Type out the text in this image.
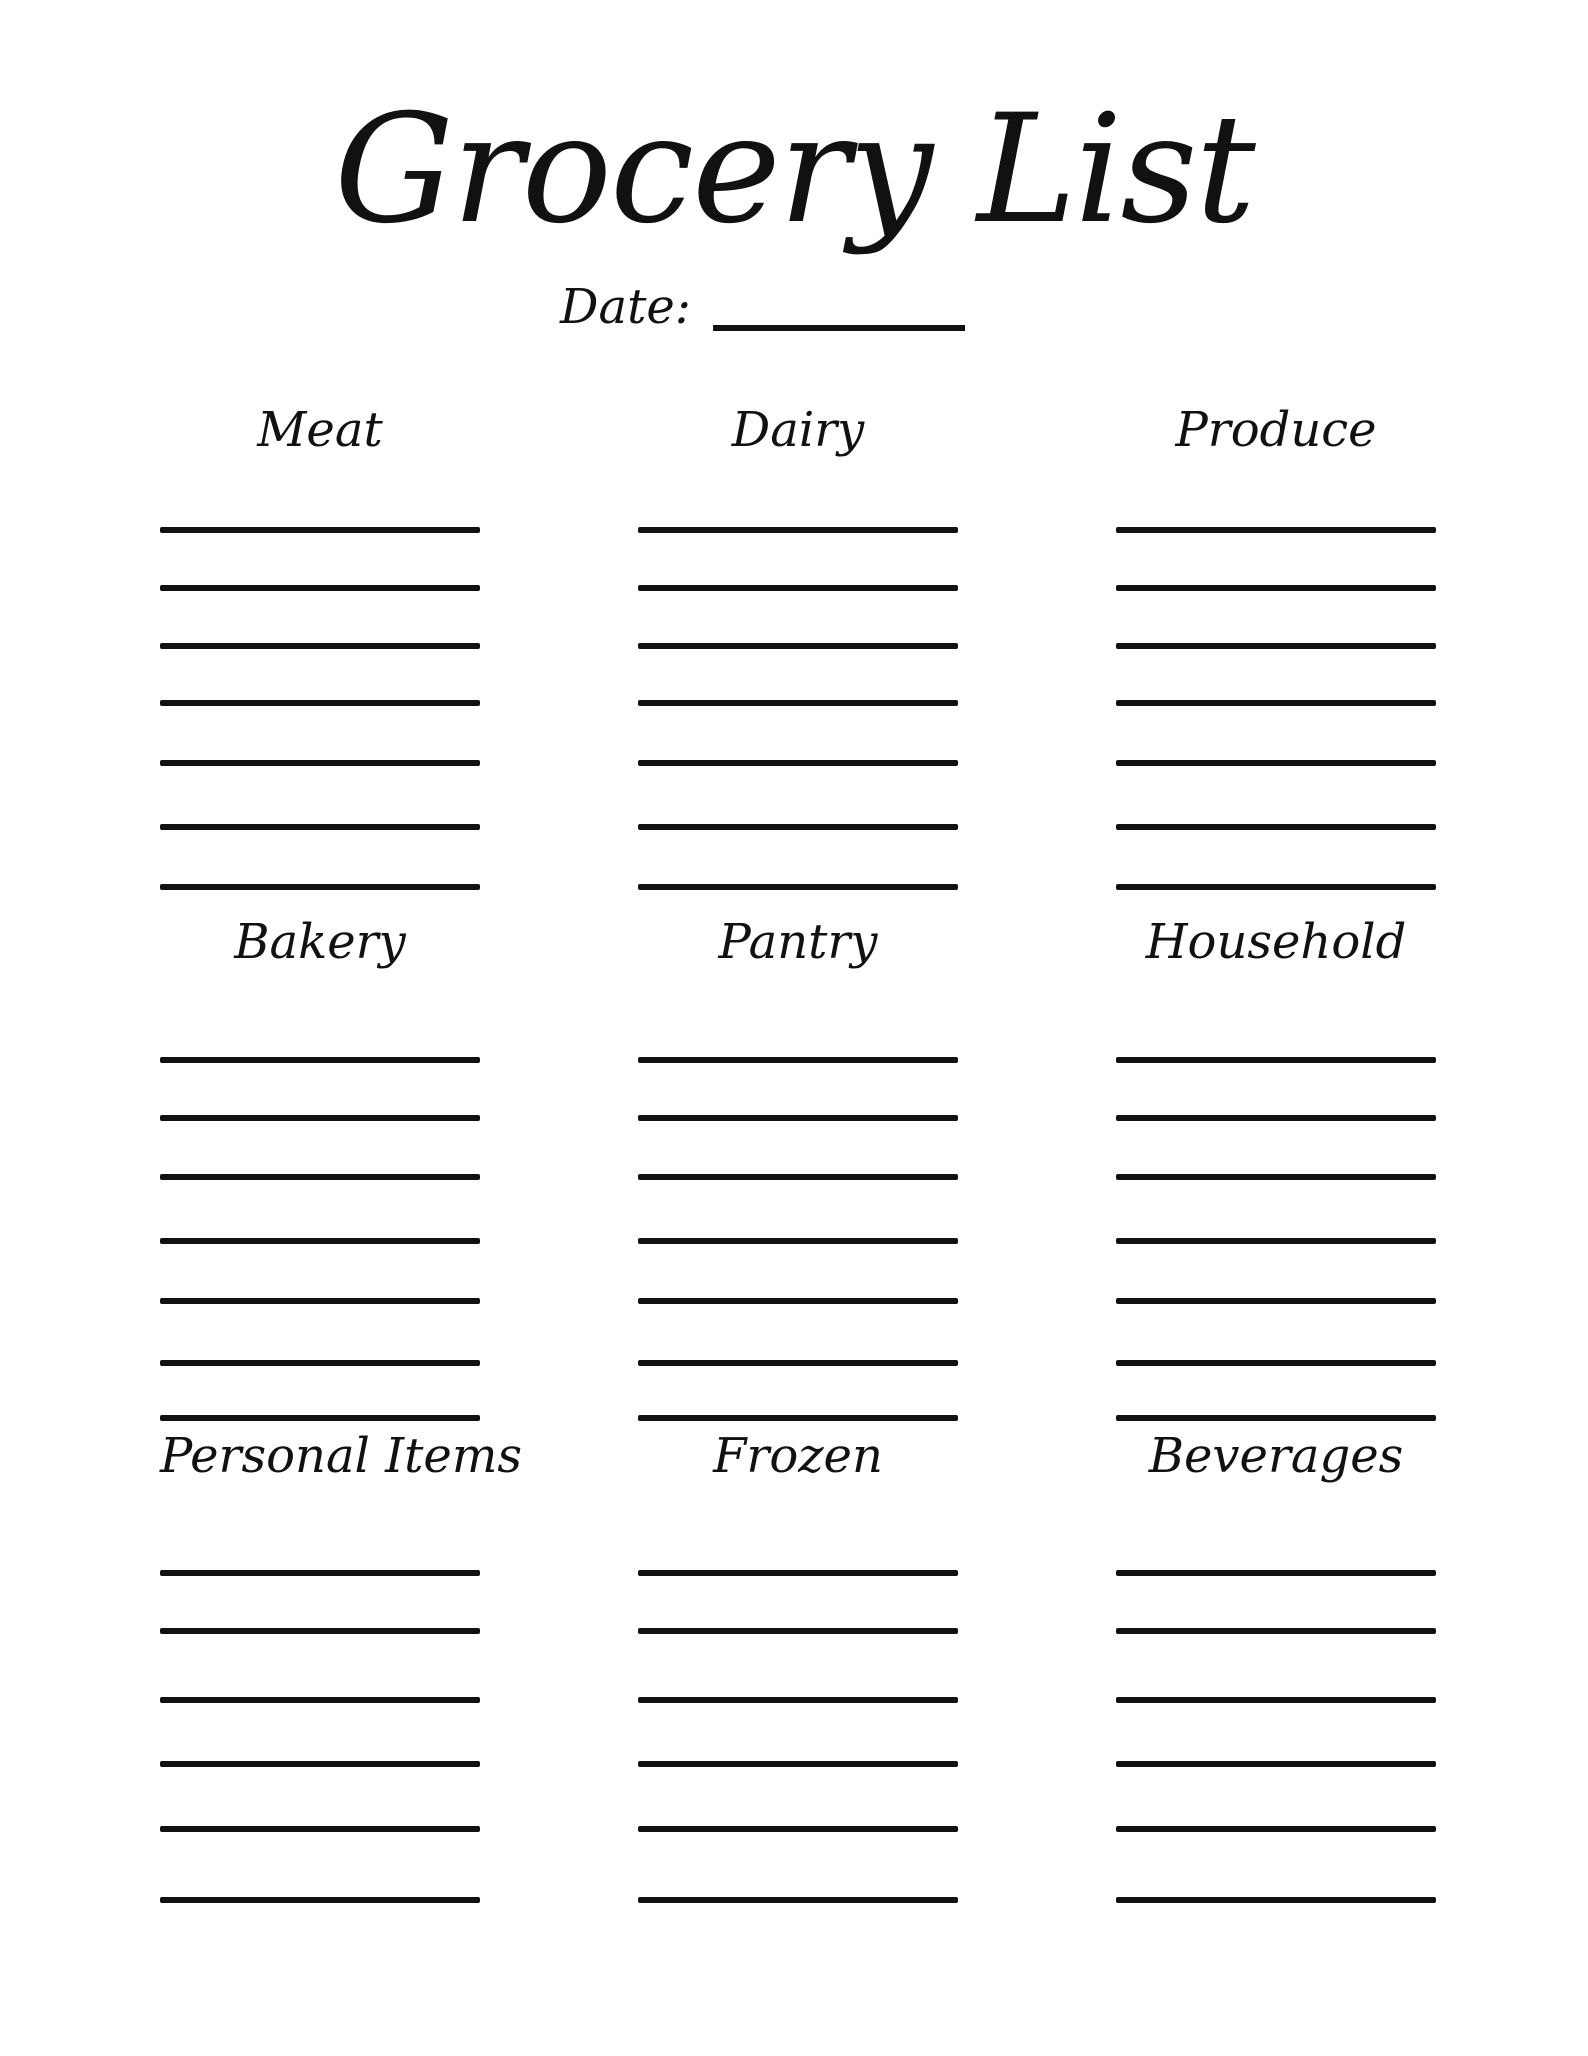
Grocery List
Date:
Meat	Dairy	Produce
Bakery	Pantry	Household
Personal Items	Frozen	Beverages
